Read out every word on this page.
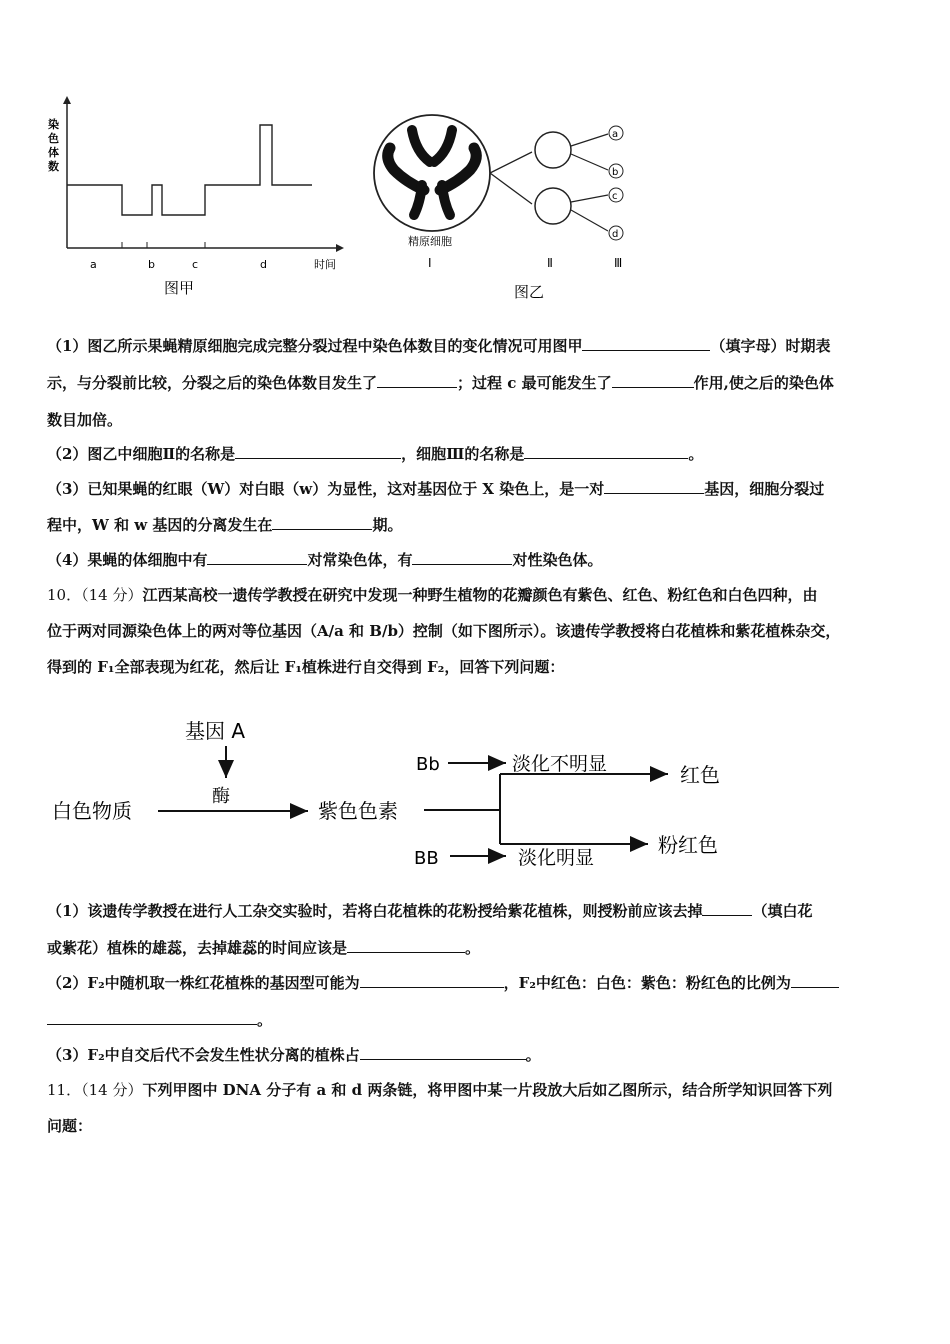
染
色
体
数
时间
a	b	c	d
图甲
a
b
c
d
精原细胞
Ⅰ	Ⅱ	Ⅲ
图乙
（1）图乙所示果蝇精原细胞完成完整分裂过程中染色体数目的变化情况可用图甲	（填字母）时期表
示，与分裂前比较，分裂之后的染色体数目发生了	；过程 c 最可能发生了	作用,使之后的染色体
数目加倍。
（2）图乙中细胞Ⅱ的名称是	，细胞Ⅲ的名称是	。
（3）已知果蝇的红眼（W）对白眼（w）为显性，这对基因位于 X 染色上，是一对	基因，细胞分裂过
程中，W 和 w 基因的分离发生在	期。
（4）果蝇的体细胞中有	对常染色体，有	对性染色体。
10．（14 分）江西某高校一遗传学教授在研究中发现一种野生植物的花瓣颜色有紫色、红色、粉红色和白色四种，由
位于两对同源染色体上的两对等位基因（A/a 和 B/b）控制（如下图所示）。该遗传学教授将白花植株和紫花植株杂交，
得到的 F₁全部表现为红花，然后让 F₁植株进行自交得到 F₂，回答下列问题：
基因 A
酶
白色物质	紫色色素
Bb	淡化不明显	红色
BB	淡化明显
粉红色
（1）该遗传学教授在进行人工杂交实验时，若将白花植株的花粉授给紫花植株，则授粉前应该去掉	（填白花
或紫花）植株的雄蕊，去掉雄蕊的时间应该是	。
（2）F₂中随机取一株红花植株的基因型可能为	，F₂中红色：白色：紫色：粉红色的比例为
。
（3）F₂中自交后代不会发生性状分离的植株占	。
11．（14 分）下列甲图中 DNA 分子有 a 和 d 两条链，将甲图中某一片段放大后如乙图所示，结合所学知识回答下列
问题：
